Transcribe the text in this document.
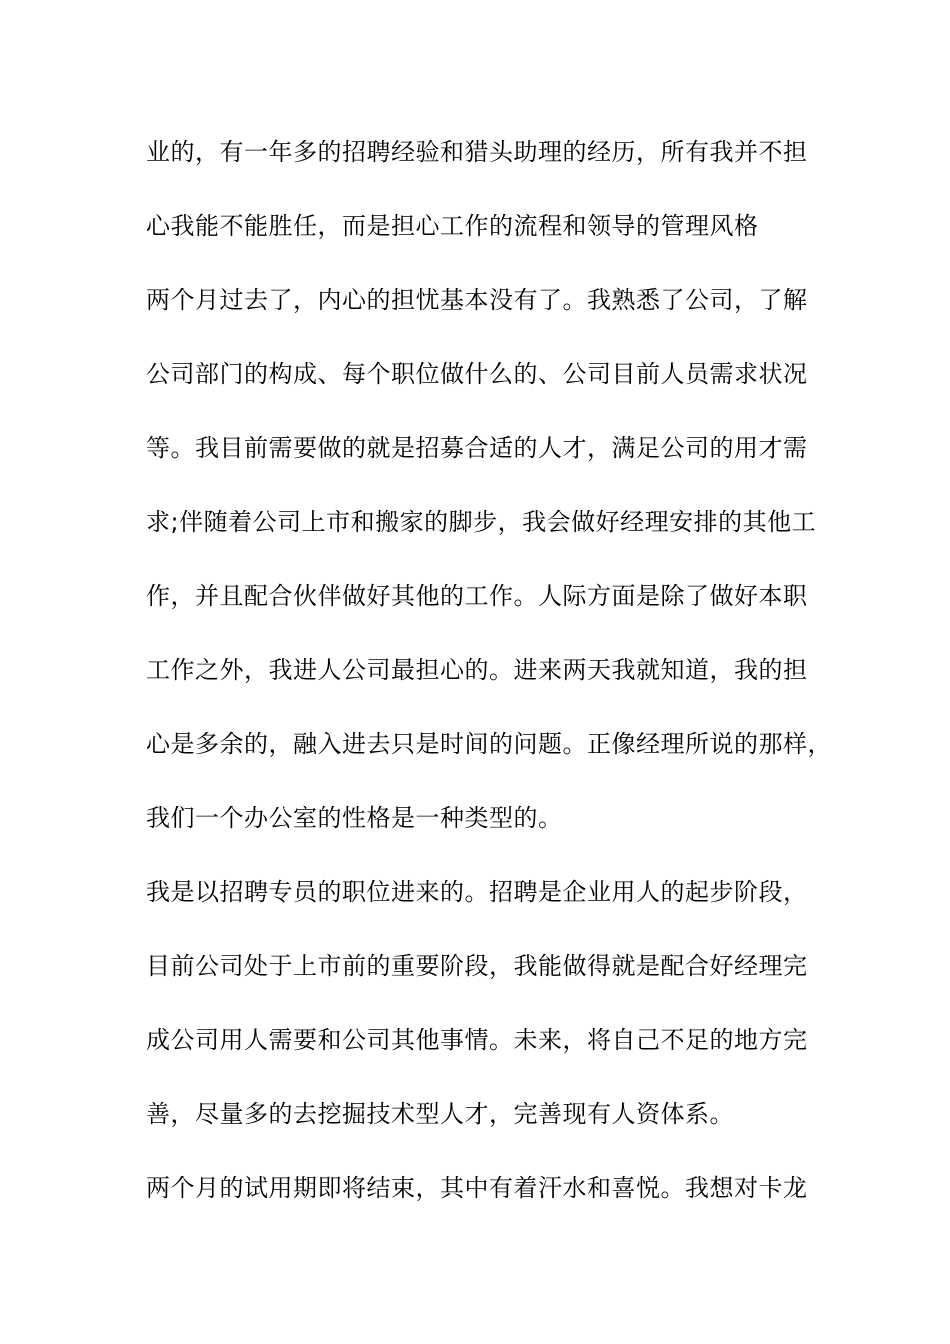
业的，有一年多的招聘经验和猎头助理的经历，所有我并不担
心我能不能胜任，而是担心工作的流程和领导的管理风格
两个月过去了，内心的担忧基本没有了。我熟悉了公司，了解
公司部门的构成、每个职位做什么的、公司目前人员需求状况
等。我目前需要做的就是招募合适的人才，满足公司的用才需
求;伴随着公司上市和搬家的脚步，我会做好经理安排的其他工
作，并且配合伙伴做好其他的工作。人际方面是除了做好本职
工作之外，我进人公司最担心的。进来两天我就知道，我的担
心是多余的，融入进去只是时间的问题。正像经理所说的那样，
我们一个办公室的性格是一种类型的。
我是以招聘专员的职位进来的。招聘是企业用人的起步阶段，
目前公司处于上市前的重要阶段，我能做得就是配合好经理完
成公司用人需要和公司其他事情。未来，将自己不足的地方完
善，尽量多的去挖掘技术型人才，完善现有人资体系。
两个月的试用期即将结束，其中有着汗水和喜悦。我想对卡龙
